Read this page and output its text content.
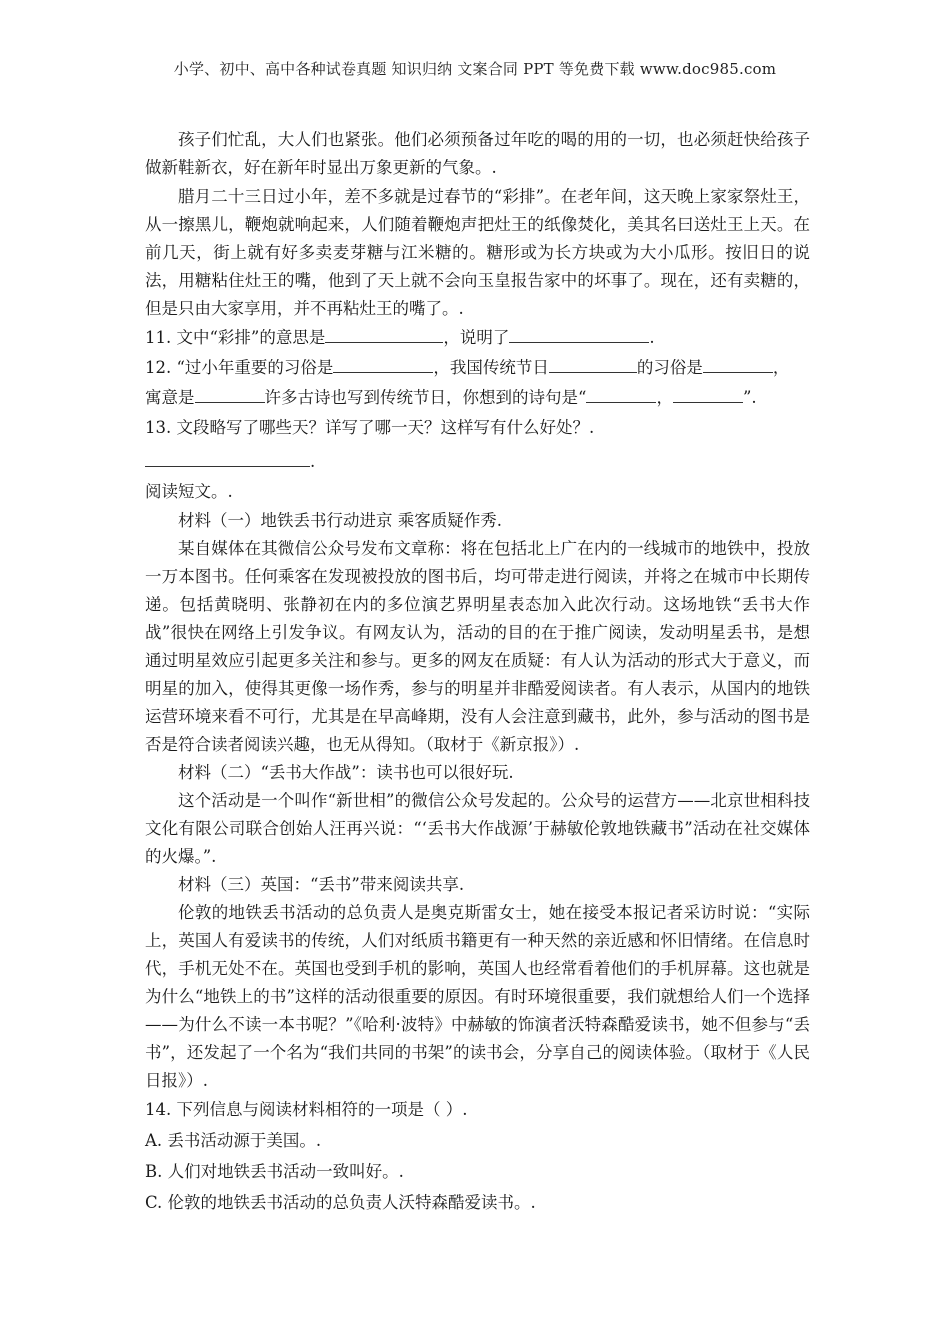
小学、初中、高中各种试卷真题 知识归纳 文案合同 PPT 等免费下载 www.doc985.com

孩子们忙乱，大人们也紧张。他们必须预备过年吃的喝的用的一切，也必须赶快给孩子做新鞋新衣，好在新年时显出万象更新的气象。.

腊月二十三日过小年，差不多就是过春节的“彩排”。在老年间，这天晚上家家祭灶王，从一擦黑儿，鞭炮就响起来，人们随着鞭炮声把灶王的纸像焚化，美其名曰送灶王上天。在前几天，街上就有好多卖麦芽糖与江米糖的。糖形或为长方块或为大小瓜形。按旧日的说法，用糖粘住灶王的嘴，他到了天上就不会向玉皇报告家中的坏事了。现在，还有卖糖的，但是只由大家享用，并不再粘灶王的嘴了。.

11. 文中“彩排”的意思是	，说明了	.

12. “过小年重要的习俗是	，我国传统节日	的习俗是	，
寓意是	许多古诗也写到传统节日，你想到的诗句是“	，	”.

13. 文段略写了哪些天？详写了哪一天？这样写有什么好处？.

.

阅读短文。.

材料（一）地铁丢书行动进京 乘客质疑作秀.

某自媒体在其微信公众号发布文章称：将在包括北上广在内的一线城市的地铁中，投放一万本图书。任何乘客在发现被投放的图书后，均可带走进行阅读，并将之在城市中长期传递。包括黄晓明、张静初在内的多位演艺界明星表态加入此次行动。这场地铁“丢书大作战”很快在网络上引发争议。有网友认为，活动的目的在于推广阅读，发动明星丢书，是想通过明星效应引起更多关注和参与。更多的网友在质疑：有人认为活动的形式大于意义，而明星的加入，使得其更像一场作秀，参与的明星并非酷爱阅读者。有人表示，从国内的地铁运营环境来看不可行，尤其是在早高峰期，没有人会注意到藏书，此外，参与活动的图书是否是符合读者阅读兴趣，也无从得知。（取材于《新京报》）.

材料（二）“丢书大作战”：读书也可以很好玩.

这个活动是一个叫作“新世相”的微信公众号发起的。公众号的运营方——北京世相科技文化有限公司联合创始人汪再兴说：“‘丢书大作战源’于赫敏伦敦地铁藏书”活动在社交媒体的火爆。”.

材料（三）英国：“丢书”带来阅读共享.

伦敦的地铁丢书活动的总负责人是奥克斯雷女士，她在接受本报记者采访时说：“实际上，英国人有爱读书的传统，人们对纸质书籍更有一种天然的亲近感和怀旧情绪。在信息时代，手机无处不在。英国也受到手机的影响，英国人也经常看着他们的手机屏幕。这也就是为什么“地铁上的书”这样的活动很重要的原因。有时环境很重要，我们就想给人们一个选择——为什么不读一本书呢？”《哈利·波特》中赫敏的饰演者沃特森酷爱读书，她不但参与“丢书”，还发起了一个名为“我们共同的书架”的读书会，分享自己的阅读体验。（取材于《人民日报》）.

14. 下列信息与阅读材料相符的一项是（ ）.

A. 丢书活动源于美国。.

B. 人们对地铁丢书活动一致叫好。.

C. 伦敦的地铁丢书活动的总负责人沃特森酷爱读书。.
